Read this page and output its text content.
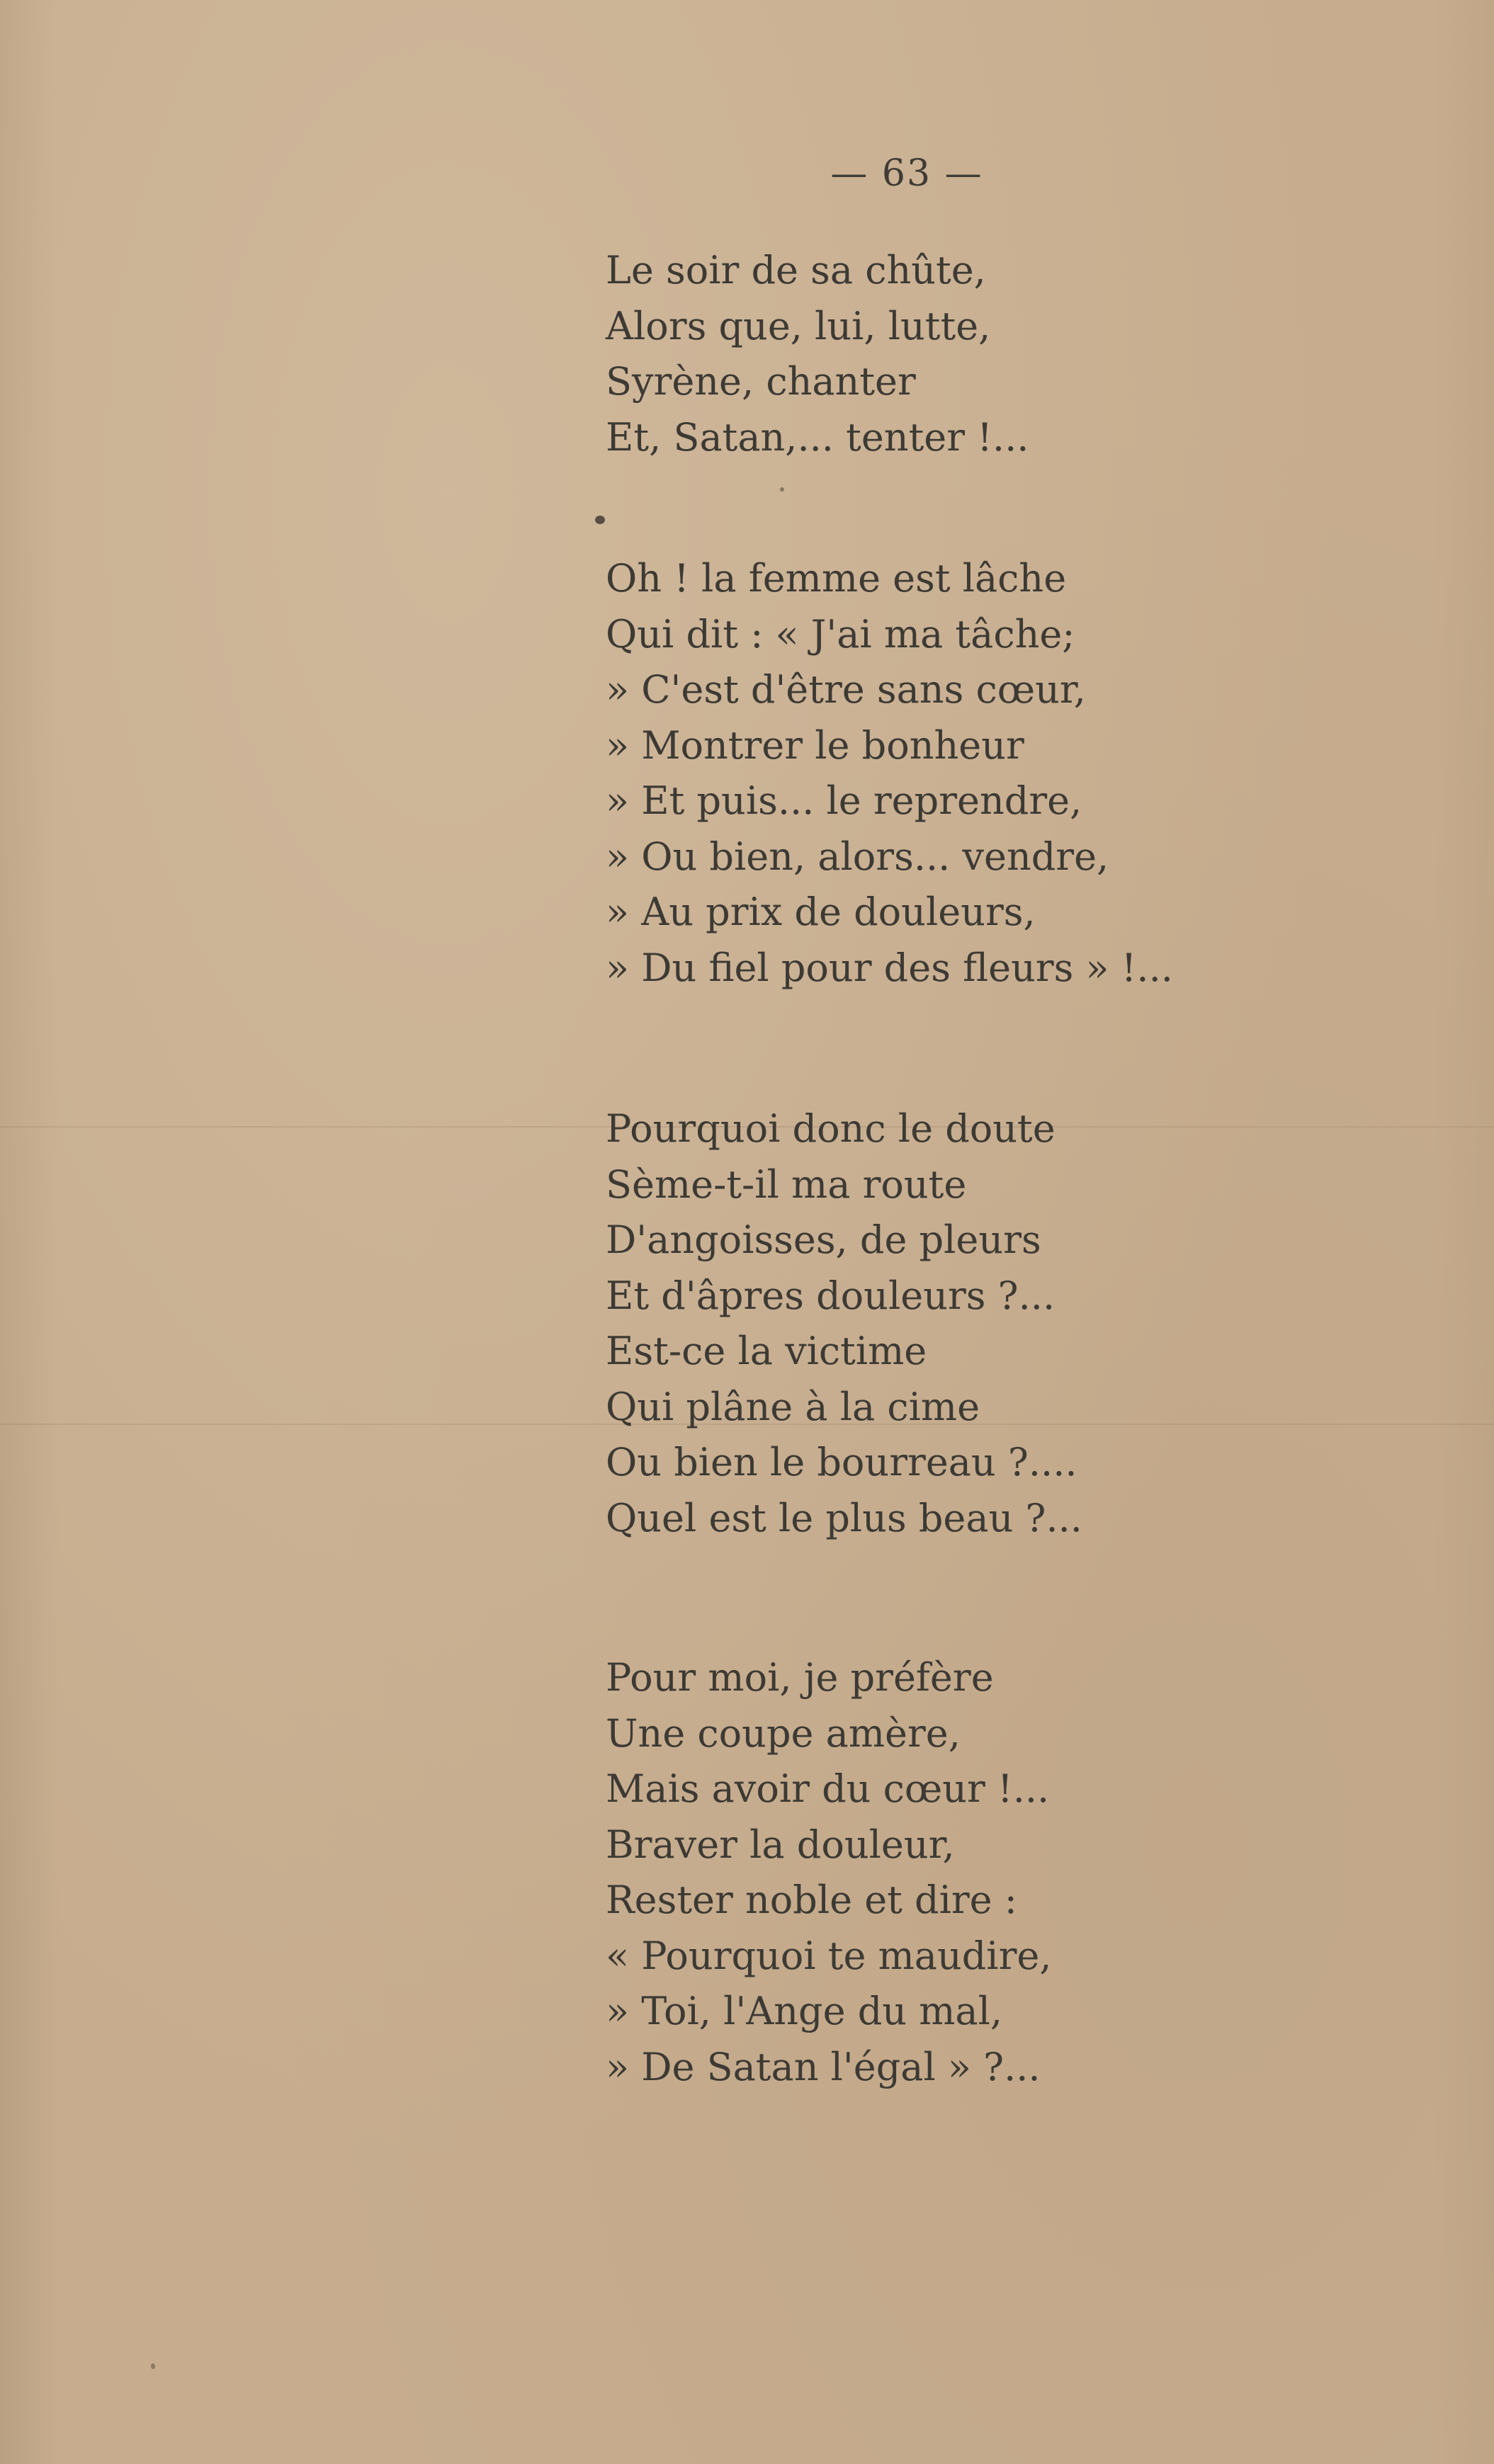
— 63 —
Le soir de sa chûte,
Alors que, lui, lutte,
Syrène, chanter
Et, Satan,... tenter !...
Oh ! la femme est lâche
Qui dit : « J'ai ma tâche;
» C'est d'être sans cœur,
» Montrer le bonheur
» Et puis... le reprendre,
» Ou bien, alors... vendre,
» Au prix de douleurs,
» Du fiel pour des fleurs » !...
Pourquoi donc le doute
Sème-t-il ma route
D'angoisses, de pleurs
Et d'âpres douleurs ?...
Est-ce la victime
Qui plâne à la cime
Ou bien le bourreau ?....
Quel est le plus beau ?...
Pour moi, je préfère
Une coupe amère,
Mais avoir du cœur !...
Braver la douleur,
Rester noble et dire :
« Pourquoi te maudire,
» Toi, l'Ange du mal,
» De Satan l'égal » ?...
